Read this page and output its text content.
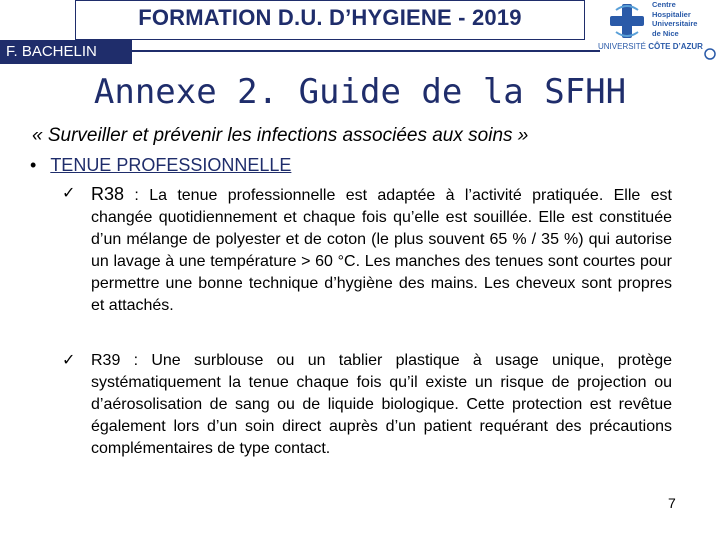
FORMATION D.U. D’HYGIENE - 2019
F. BACHELIN
Centre
Hospitalier
Universitaire
de Nice
UNIVERSITÉ CÔTE D’AZUR
Annexe 2. Guide de la SFHH
« Surveiller et prévenir les infections associées aux soins »
• TENUE PROFESSIONNELLE
✓ R38 : La tenue professionnelle est adaptée à l’activité pratiquée. Elle est changée quotidiennement et chaque fois qu’elle est souillée. Elle est constituée d’un mélange de polyester et de coton (le plus souvent 65 % / 35 %) qui autorise un lavage à une température > 60 °C. Les manches des tenues sont courtes pour permettre une bonne technique d’hygiène des mains. Les cheveux sont propres et attachés.
✓ R39 : Une surblouse ou un tablier plastique à usage unique, protège systématiquement la tenue chaque fois qu’il existe un risque de projection ou d’aérosolisation de sang ou de liquide biologique. Cette protection est revêtue également lors d’un soin direct auprès d’un patient requérant des précautions complémentaires de type contact.
7
